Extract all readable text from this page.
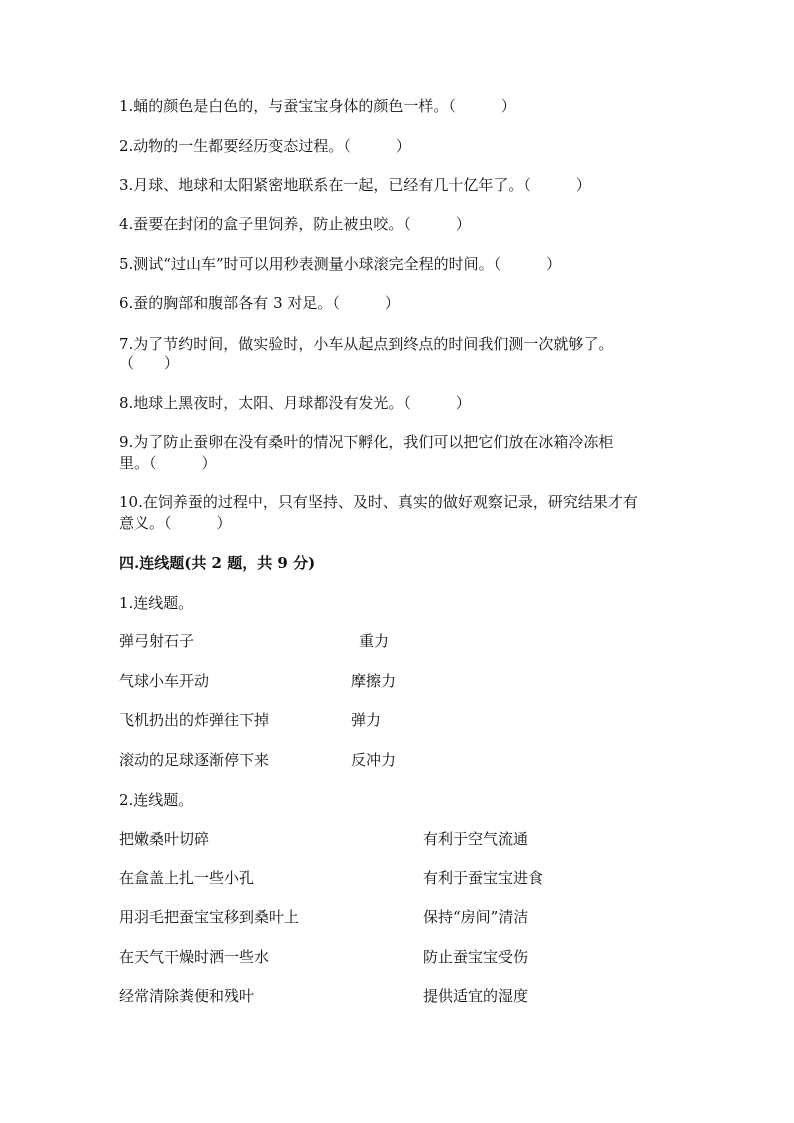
1.蛹的颜色是白色的，与蚕宝宝身体的颜色一样。（　　　）
2.动物的一生都要经历变态过程。（　　　）
3.月球、地球和太阳紧密地联系在一起，已经有几十亿年了。（　　　）
4.蚕要在封闭的盒子里饲养，防止被虫咬。（　　　）
5.测试“过山车”时可以用秒表测量小球滚完全程的时间。（　　　）
6.蚕的胸部和腹部各有 3 对足。（　　　）
7.为了节约时间，做实验时，小车从起点到终点的时间我们测一次就够了。
（　　）
8.地球上黑夜时，太阳、月球都没有发光。（　　　）
9.为了防止蚕卵在没有桑叶的情况下孵化，我们可以把它们放在冰箱冷冻柜
里。（　　　）
10.在饲养蚕的过程中，只有坚持、及时、真实的做好观察记录，研究结果才有
意义。（　　　）
四.连线题(共 2 题，共 9 分)
1.连线题。
弹弓射石子	重力
气球小车开动	摩擦力
飞机扔出的炸弹往下掉	弹力
滚动的足球逐渐停下来	反冲力
2.连线题。
把嫩桑叶切碎	有利于空气流通
在盒盖上扎一些小孔	有利于蚕宝宝进食
用羽毛把蚕宝宝移到桑叶上	保持“房间”清洁
在天气干燥时洒一些水	防止蚕宝宝受伤
经常清除粪便和残叶	提供适宜的湿度
